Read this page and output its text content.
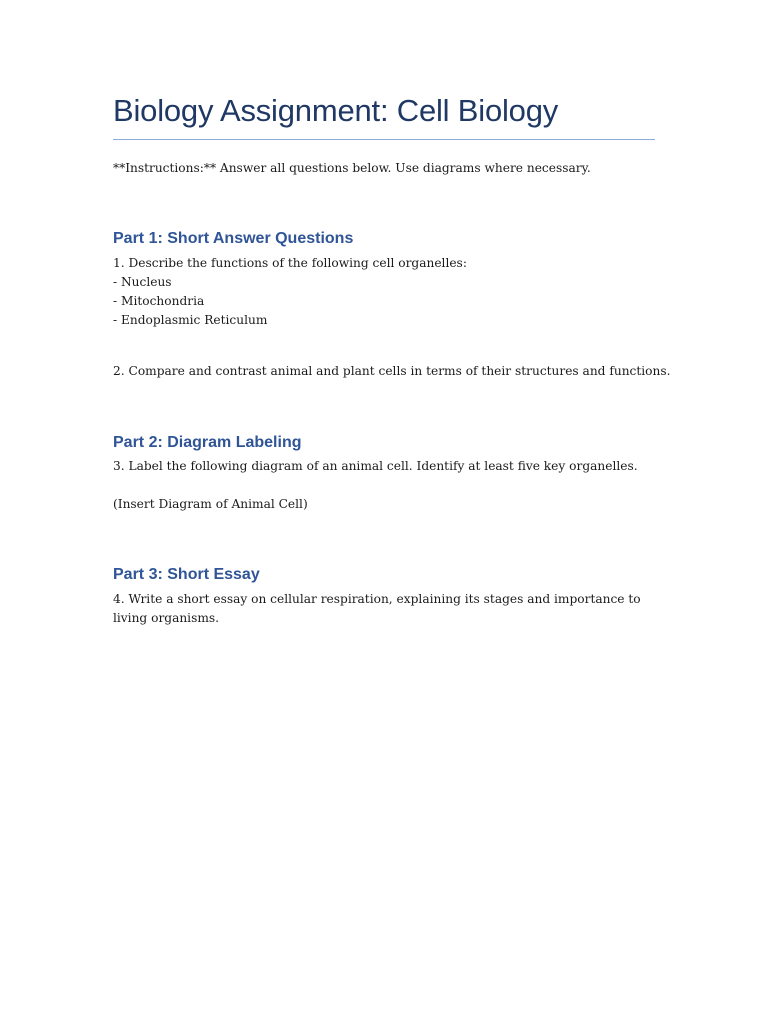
Biology Assignment: Cell Biology
**Instructions:** Answer all questions below. Use diagrams where necessary.
Part 1: Short Answer Questions
1. Describe the functions of the following cell organelles:
- Nucleus
- Mitochondria
- Endoplasmic Reticulum
2. Compare and contrast animal and plant cells in terms of their structures and functions.
Part 2: Diagram Labeling
3. Label the following diagram of an animal cell. Identify at least five key organelles.
(Insert Diagram of Animal Cell)
Part 3: Short Essay
4. Write a short essay on cellular respiration, explaining its stages and importance to living organisms.
